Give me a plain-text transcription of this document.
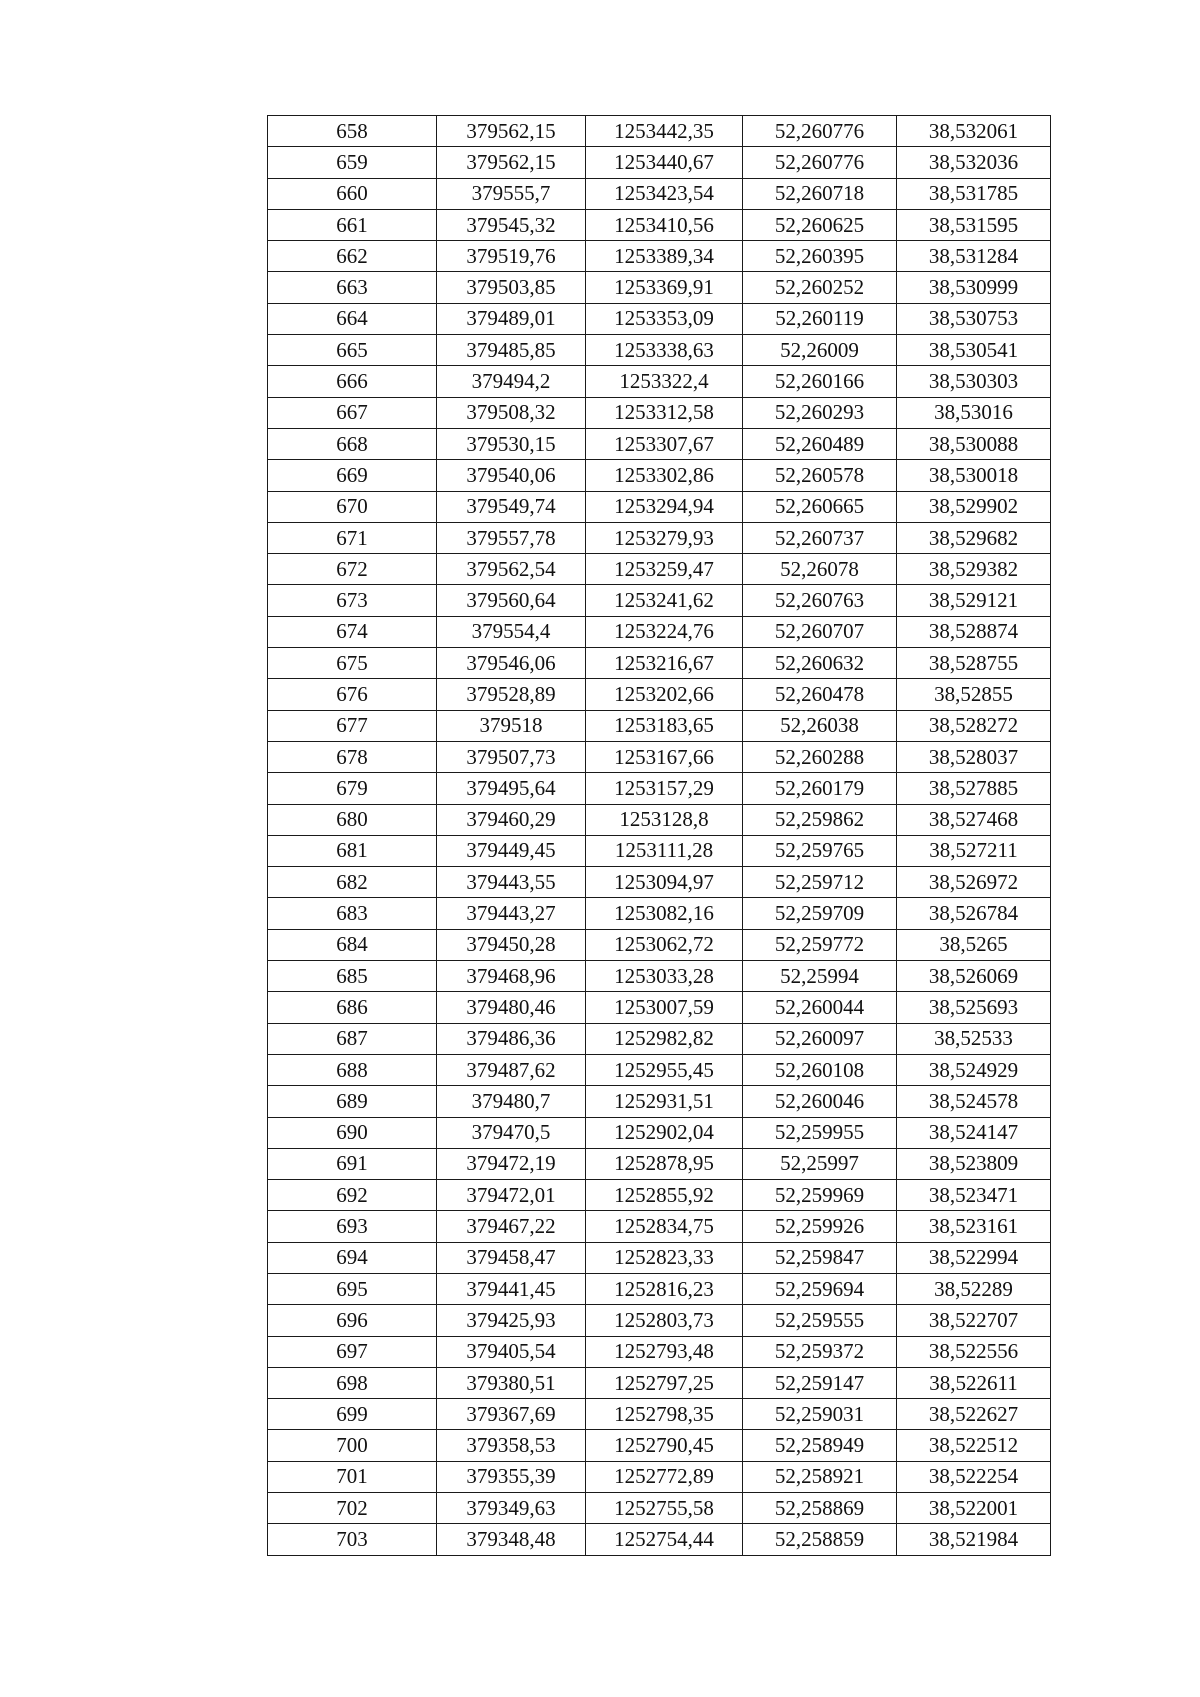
658	379562,15	1253442,35	52,260776	38,532061
659	379562,15	1253440,67	52,260776	38,532036
660	379555,7	1253423,54	52,260718	38,531785
661	379545,32	1253410,56	52,260625	38,531595
662	379519,76	1253389,34	52,260395	38,531284
663	379503,85	1253369,91	52,260252	38,530999
664	379489,01	1253353,09	52,260119	38,530753
665	379485,85	1253338,63	52,26009	38,530541
666	379494,2	1253322,4	52,260166	38,530303
667	379508,32	1253312,58	52,260293	38,53016
668	379530,15	1253307,67	52,260489	38,530088
669	379540,06	1253302,86	52,260578	38,530018
670	379549,74	1253294,94	52,260665	38,529902
671	379557,78	1253279,93	52,260737	38,529682
672	379562,54	1253259,47	52,26078	38,529382
673	379560,64	1253241,62	52,260763	38,529121
674	379554,4	1253224,76	52,260707	38,528874
675	379546,06	1253216,67	52,260632	38,528755
676	379528,89	1253202,66	52,260478	38,52855
677	379518	1253183,65	52,26038	38,528272
678	379507,73	1253167,66	52,260288	38,528037
679	379495,64	1253157,29	52,260179	38,527885
680	379460,29	1253128,8	52,259862	38,527468
681	379449,45	1253111,28	52,259765	38,527211
682	379443,55	1253094,97	52,259712	38,526972
683	379443,27	1253082,16	52,259709	38,526784
684	379450,28	1253062,72	52,259772	38,5265
685	379468,96	1253033,28	52,25994	38,526069
686	379480,46	1253007,59	52,260044	38,525693
687	379486,36	1252982,82	52,260097	38,52533
688	379487,62	1252955,45	52,260108	38,524929
689	379480,7	1252931,51	52,260046	38,524578
690	379470,5	1252902,04	52,259955	38,524147
691	379472,19	1252878,95	52,25997	38,523809
692	379472,01	1252855,92	52,259969	38,523471
693	379467,22	1252834,75	52,259926	38,523161
694	379458,47	1252823,33	52,259847	38,522994
695	379441,45	1252816,23	52,259694	38,52289
696	379425,93	1252803,73	52,259555	38,522707
697	379405,54	1252793,48	52,259372	38,522556
698	379380,51	1252797,25	52,259147	38,522611
699	379367,69	1252798,35	52,259031	38,522627
700	379358,53	1252790,45	52,258949	38,522512
701	379355,39	1252772,89	52,258921	38,522254
702	379349,63	1252755,58	52,258869	38,522001
703	379348,48	1252754,44	52,258859	38,521984
